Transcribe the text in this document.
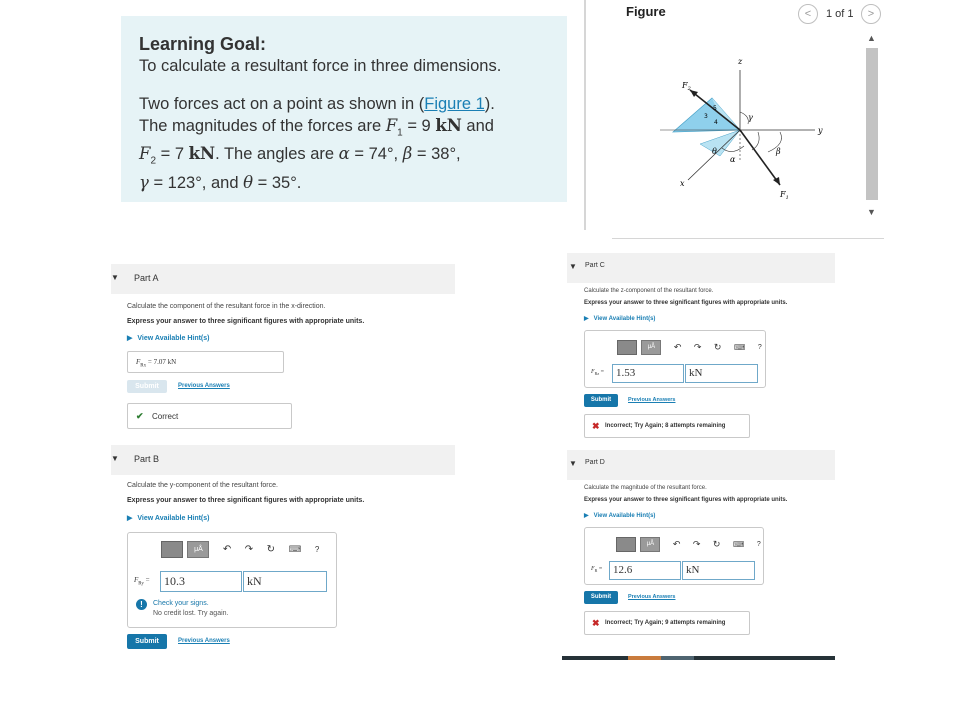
Learning Goal:
To calculate a resultant force in three dimensions.
Two forces act on a point as shown in (Figure 1).
The magnitudes of the forces are $F_1 = 9$ kN and
$F_2 = 7$ kN. The angles are α = 74°, β = 38°,
γ = 123°, and θ = 35°.
Figure	<	1 of 1	>
z
y
x
$F_2$
$F_1$
5
3
4
γ
β
α
θ
▲
▼
▼ Part A
Calculate the component of the resultant force in the x-direction.
Express your answer to three significant figures with appropriate units.
▶ View Available Hint(s)
$F_{Rx} = 7.07$ kN
Submit	Previous Answers
✔ Correct
▼ Part B
Calculate the y-component of the resultant force.
Express your answer to three significant figures with appropriate units.
▶ View Available Hint(s)
μÅ ↶ ↷ ↻ ⌨ ?
$F_{Ry}$ =	10.3	kN
!	Check your signs.
No credit lost. Try again.
Submit	Previous Answers
▼ Part C
Calculate the z-component of the resultant force.
Express your answer to three significant figures with appropriate units.
▶ View Available Hint(s)
μÅ ↶ ↷ ↻ ⌨ ?
$F_{Rz}$ =	1.53	kN
Submit	Previous Answers
✖ Incorrect; Try Again; 8 attempts remaining
▼ Part D
Calculate the magnitude of the resultant force.
Express your answer to three significant figures with appropriate units.
▶ View Available Hint(s)
μÅ ↶ ↷ ↻ ⌨ ?
$F_R = 12.6$	kN
Submit	Previous Answers
✖ Incorrect; Try Again; 9 attempts remaining
